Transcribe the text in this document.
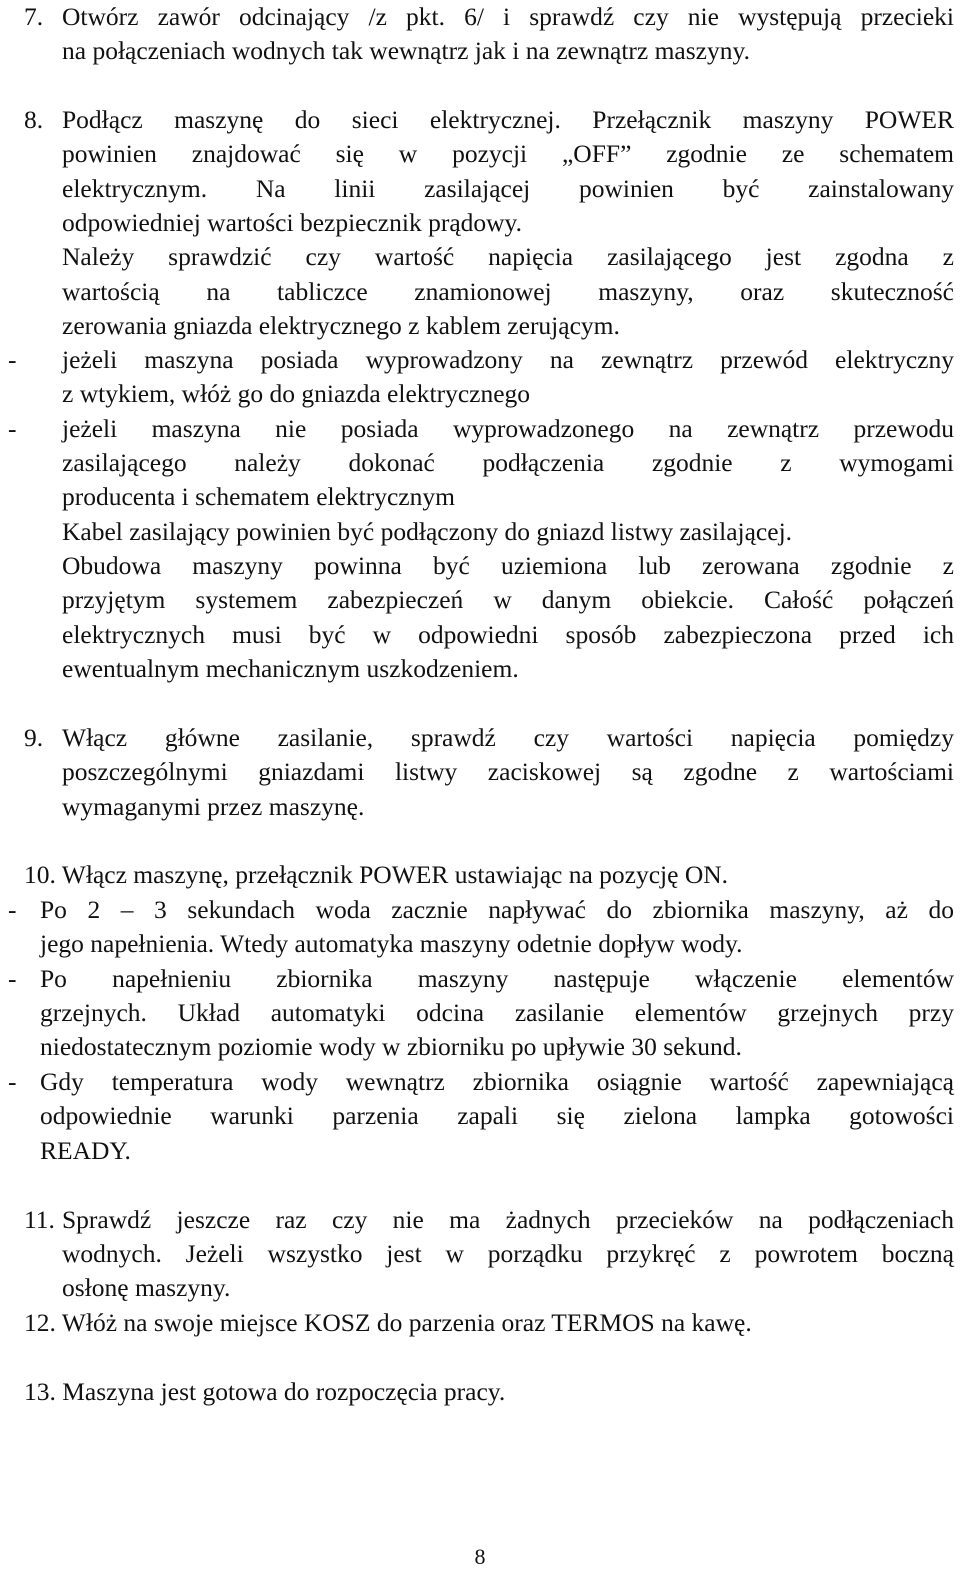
7. Otwórz zawór odcinający /z pkt. 6/ i sprawdź czy nie występują przecieki
na połączeniach wodnych tak wewnątrz jak i na zewnątrz maszyny.
8. Podłącz maszynę do sieci elektrycznej. Przełącznik maszyny POWER
powinien znajdować się w pozycji „OFF” zgodnie ze schematem
elektrycznym. Na linii zasilającej powinien być zainstalowany
odpowiedniej wartości bezpiecznik prądowy.
Należy sprawdzić czy wartość napięcia zasilającego jest zgodna z
wartością na tabliczce znamionowej maszyny, oraz skuteczność
zerowania gniazda elektrycznego z kablem zerującym.
- jeżeli maszyna posiada wyprowadzony na zewnątrz przewód elektryczny
z wtykiem, włóż go do gniazda elektrycznego
- jeżeli maszyna nie posiada wyprowadzonego na zewnątrz przewodu
zasilającego należy dokonać podłączenia zgodnie z wymogami
producenta i schematem elektrycznym
Kabel zasilający powinien być podłączony do gniazd listwy zasilającej.
Obudowa maszyny powinna być uziemiona lub zerowana zgodnie z
przyjętym systemem zabezpieczeń w danym obiekcie. Całość połączeń
elektrycznych musi być w odpowiedni sposób zabezpieczona przed ich
ewentualnym mechanicznym uszkodzeniem.
9. Włącz główne zasilanie, sprawdź czy wartości napięcia pomiędzy
poszczególnymi gniazdami listwy zaciskowej są zgodne z wartościami
wymaganymi przez maszynę.
10. Włącz maszynę, przełącznik POWER ustawiając na pozycję ON.
- Po 2 – 3 sekundach woda zacznie napływać do zbiornika maszyny, aż do
jego napełnienia. Wtedy automatyka maszyny odetnie dopływ wody.
- Po napełnieniu zbiornika maszyny następuje włączenie elementów
grzejnych. Układ automatyki odcina zasilanie elementów grzejnych przy
niedostatecznym poziomie wody w zbiorniku po upływie 30 sekund.
- Gdy temperatura wody wewnątrz zbiornika osiągnie wartość zapewniającą
odpowiednie warunki parzenia zapali się zielona lampka gotowości
READY.
11. Sprawdź jeszcze raz czy nie ma żadnych przecieków na podłączeniach
wodnych. Jeżeli wszystko jest w porządku przykręć z powrotem boczną
osłonę maszyny.
12. Włóż na swoje miejsce KOSZ do parzenia oraz TERMOS na kawę.
13. Maszyna jest gotowa do rozpoczęcia pracy.
8
